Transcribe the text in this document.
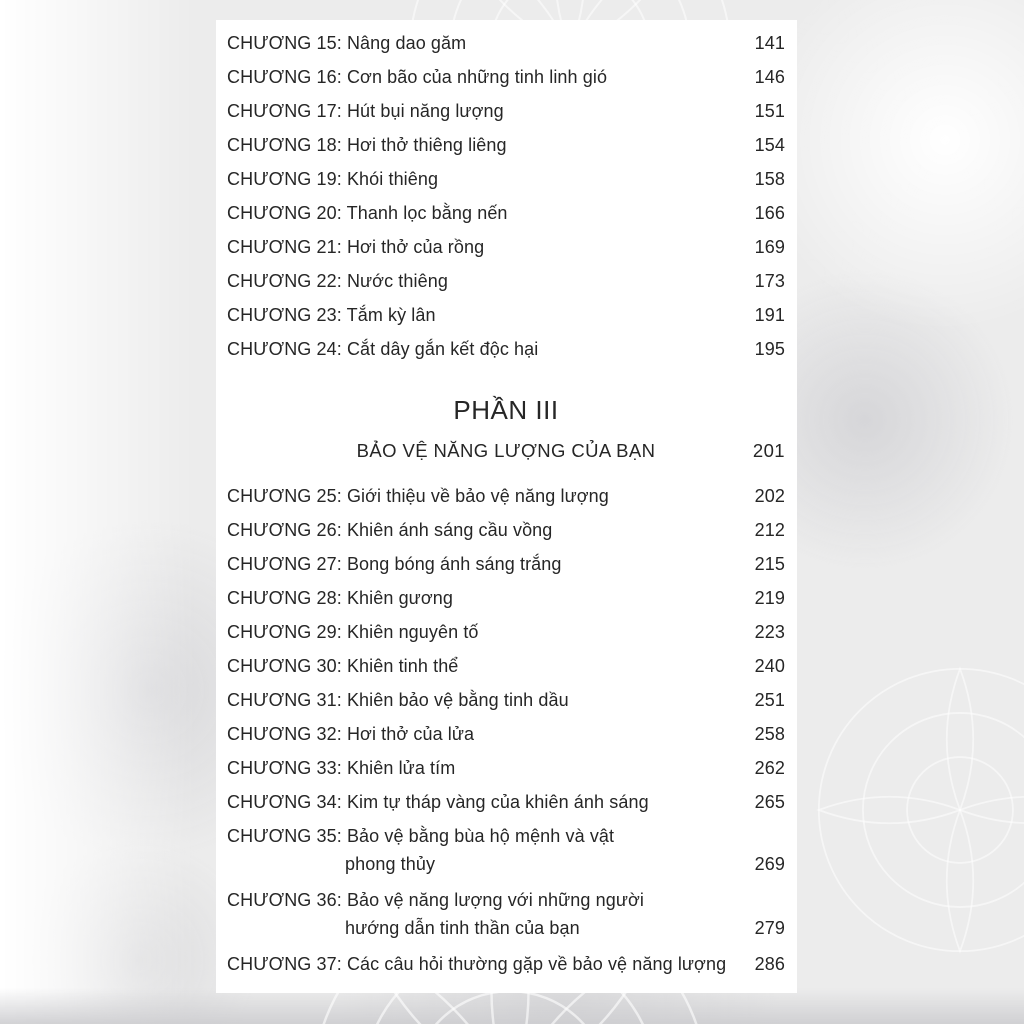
CHƯƠNG 15: Nâng dao găm	141
CHƯƠNG 16: Cơn bão của những tinh linh gió	146
CHƯƠNG 17: Hút bụi năng lượng	151
CHƯƠNG 18: Hơi thở thiêng liêng	154
CHƯƠNG 19: Khói thiêng	158
CHƯƠNG 20: Thanh lọc bằng nến	166
CHƯƠNG 21: Hơi thở của rồng	169
CHƯƠNG 22: Nước thiêng	173
CHƯƠNG 23: Tắm kỳ lân	191
CHƯƠNG 24: Cắt dây gắn kết độc hại	195
PHẦN III
BẢO VỆ NĂNG LƯỢNG CỦA BẠN	201
CHƯƠNG 25: Giới thiệu về bảo vệ năng lượng	202
CHƯƠNG 26: Khiên ánh sáng cầu vồng	212
CHƯƠNG 27: Bong bóng ánh sáng trắng	215
CHƯƠNG 28: Khiên gương	219
CHƯƠNG 29: Khiên nguyên tố	223
CHƯƠNG 30: Khiên tinh thể	240
CHƯƠNG 31: Khiên bảo vệ bằng tinh dầu	251
CHƯƠNG 32: Hơi thở của lửa	258
CHƯƠNG 33: Khiên lửa tím	262
CHƯƠNG 34: Kim tự tháp vàng của khiên ánh sáng	265
CHƯƠNG 35: Bảo vệ bằng bùa hộ mệnh và vật
phong thủy	269
CHƯƠNG 36: Bảo vệ năng lượng với những người
hướng dẫn tinh thần của bạn	279
CHƯƠNG 37: Các câu hỏi thường gặp về bảo vệ năng lượng	286
